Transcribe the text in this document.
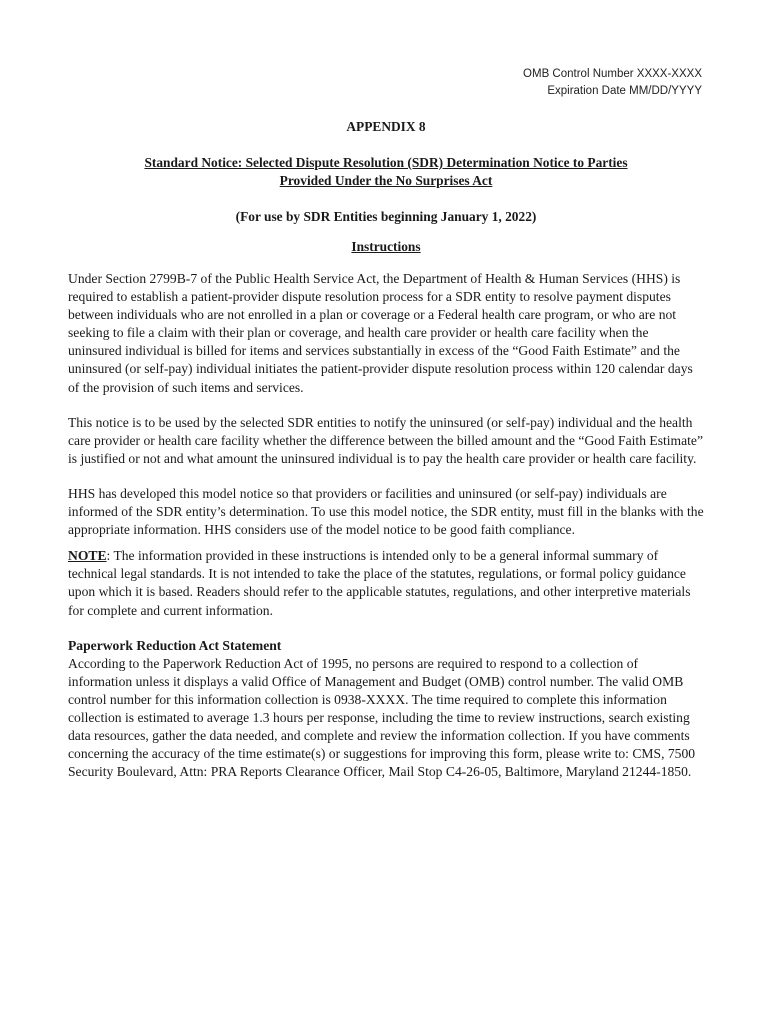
OMB Control Number XXXX-XXXX
Expiration Date MM/DD/YYYY
APPENDIX 8
Standard Notice: Selected Dispute Resolution (SDR) Determination Notice to Parties
Provided Under the No Surprises Act
(For use by SDR Entities beginning January 1, 2022)
Instructions

Under Section 2799B-7 of the Public Health Service Act, the Department of Health & Human Services (HHS) is required to establish a patient-provider dispute resolution process for a SDR entity to resolve payment disputes between individuals who are not enrolled in a plan or coverage or a Federal health care program, or who are not seeking to file a claim with their plan or coverage, and health care provider or health care facility when the uninsured individual is billed for items and services substantially in excess of the “Good Faith Estimate” and the uninsured (or self-pay) individual initiates the patient-provider dispute resolution process within 120 calendar days of the provision of such items and services.

This notice is to be used by the selected SDR entities to notify the uninsured (or self-pay) individual and the health care provider or health care facility whether the difference between the billed amount and the “Good Faith Estimate” is justified or not and what amount the uninsured individual is to pay the health care provider or health care facility.

HHS has developed this model notice so that providers or facilities and uninsured (or self-pay) individuals are informed of the SDR entity’s determination. To use this model notice, the SDR entity, must fill in the blanks with the appropriate information. HHS considers use of the model notice to be good faith compliance.

NOTE: The information provided in these instructions is intended only to be a general informal summary of technical legal standards. It is not intended to take the place of the statutes, regulations, or formal policy guidance upon which it is based. Readers should refer to the applicable statutes, regulations, and other interpretive materials for complete and current information.

Paperwork Reduction Act Statement

According to the Paperwork Reduction Act of 1995, no persons are required to respond to a collection of information unless it displays a valid Office of Management and Budget (OMB) control number. The valid OMB control number for this information collection is 0938-XXXX. The time required to complete this information collection is estimated to average 1.3 hours per response, including the time to review instructions, search existing data resources, gather the data needed, and complete and review the information collection. If you have comments concerning the accuracy of the time estimate(s) or suggestions for improving this form, please write to: CMS, 7500 Security Boulevard, Attn: PRA Reports Clearance Officer, Mail Stop C4-26-05, Baltimore, Maryland 21244-1850.
